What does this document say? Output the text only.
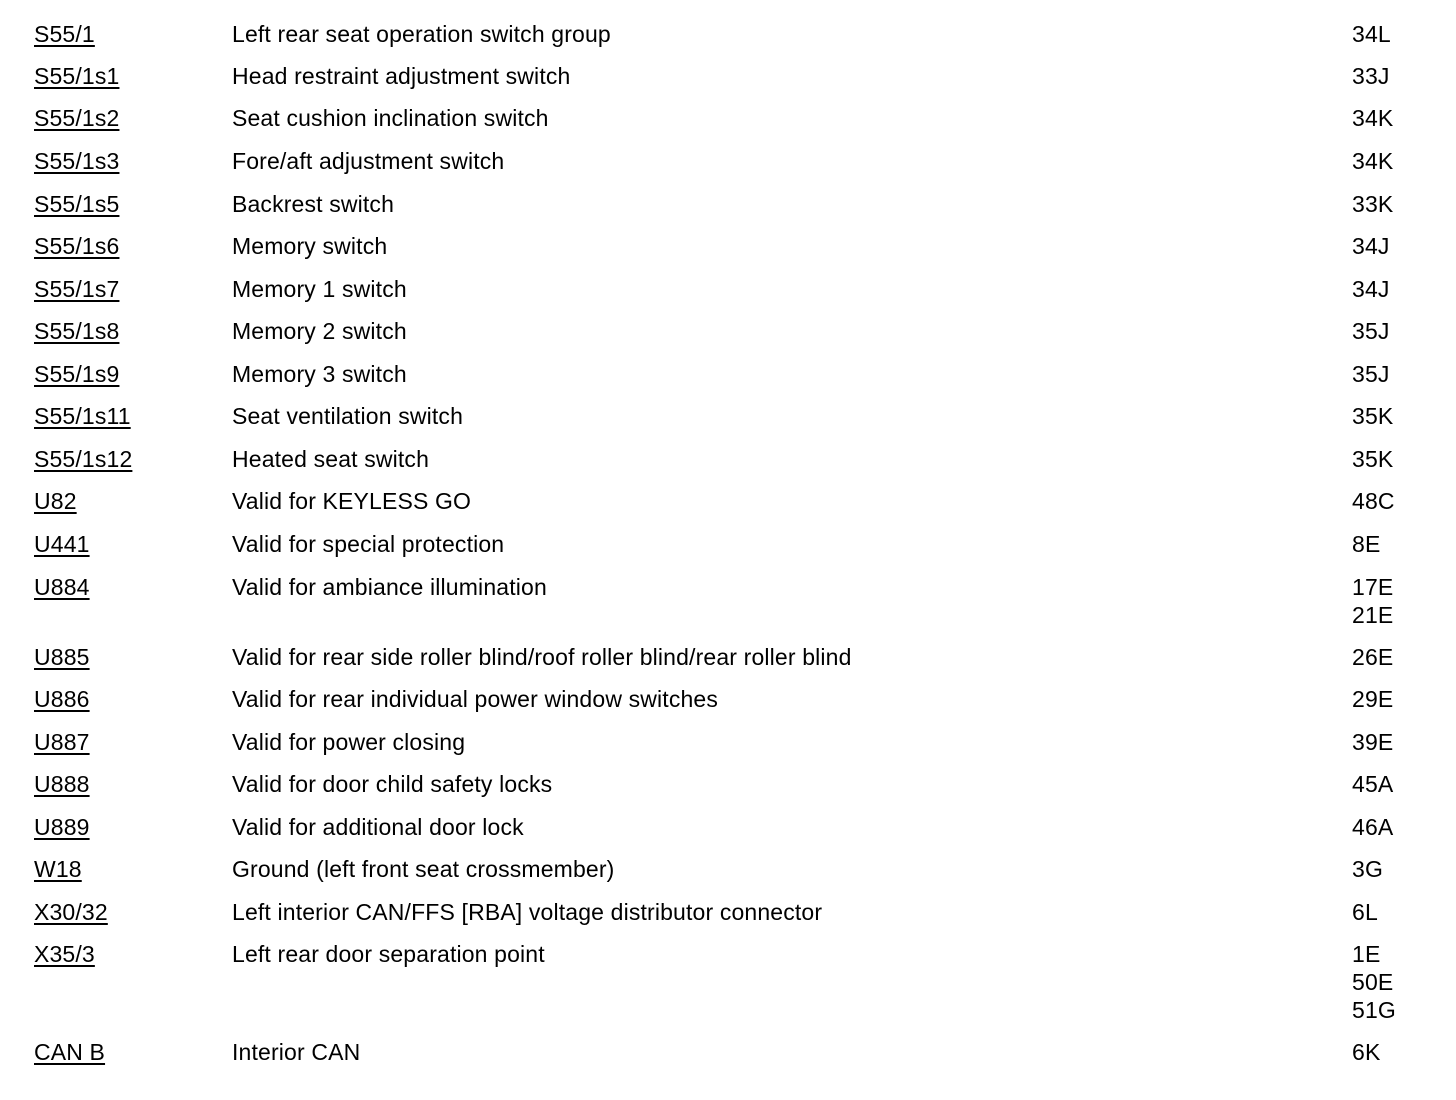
S55/1	Left rear seat operation switch group	34L
S55/1s1	Head restraint adjustment switch	33J
S55/1s2	Seat cushion inclination switch	34K
S55/1s3	Fore/aft adjustment switch	34K
S55/1s5	Backrest switch	33K
S55/1s6	Memory switch	34J
S55/1s7	Memory 1 switch	34J
S55/1s8	Memory 2 switch	35J
S55/1s9	Memory 3 switch	35J
S55/1s11	Seat ventilation switch	35K
S55/1s12	Heated seat switch	35K
U82	Valid for KEYLESS GO	48C
U441	Valid for special protection	8E
U884	Valid for ambiance illumination	17E
21E
U885	Valid for rear side roller blind/roof roller blind/rear roller blind	26E
U886	Valid for rear individual power window switches	29E
U887	Valid for power closing	39E
U888	Valid for door child safety locks	45A
U889	Valid for additional door lock	46A
W18	Ground (left front seat crossmember)	3G
X30/32	Left interior CAN/FFS [RBA] voltage distributor connector	6L
X35/3	Left rear door separation point	1E
50E
51G
CAN B	Interior CAN	6K
